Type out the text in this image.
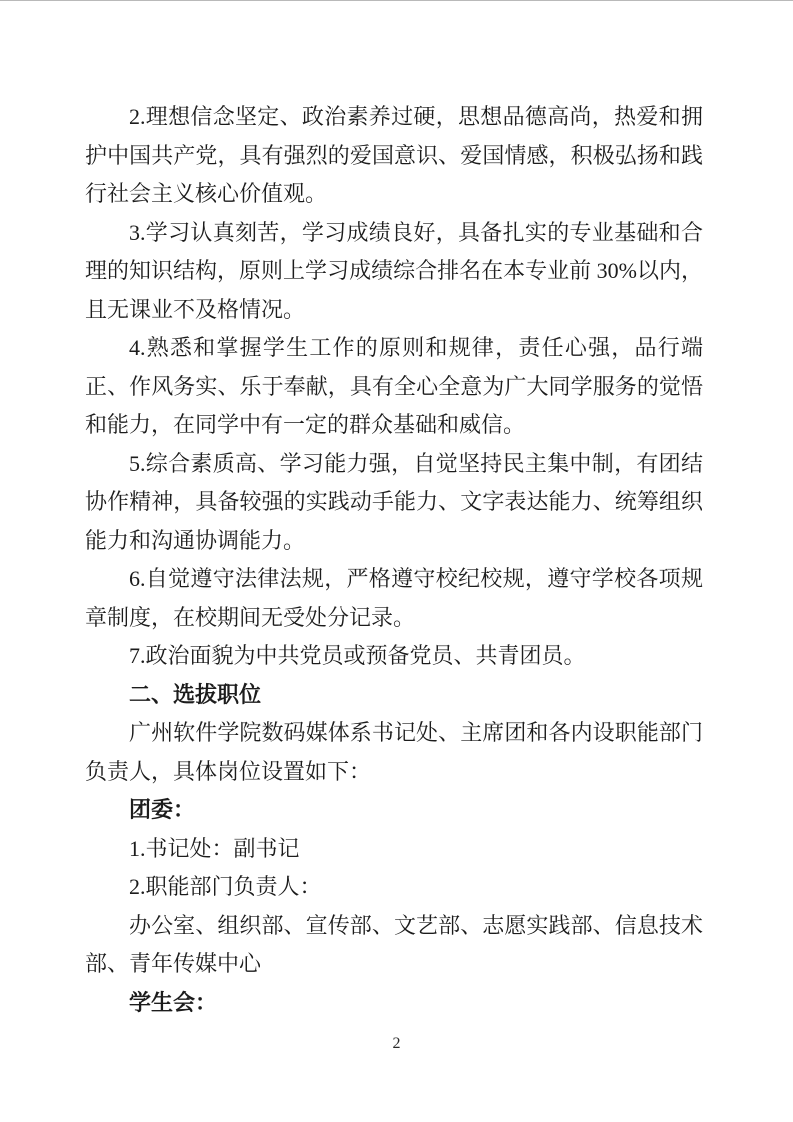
2.理想信念坚定、政治素养过硬，思想品德高尚，热爱和拥护中国共产党，具有强烈的爱国意识、爱国情感，积极弘扬和践行社会主义核心价值观。

3.学习认真刻苦，学习成绩良好，具备扎实的专业基础和合理的知识结构，原则上学习成绩综合排名在本专业前 30%以内，且无课业不及格情况。

4.熟悉和掌握学生工作的原则和规律，责任心强，品行端正、作风务实、乐于奉献，具有全心全意为广大同学服务的觉悟和能力，在同学中有一定的群众基础和威信。

5.综合素质高、学习能力强，自觉坚持民主集中制，有团结协作精神，具备较强的实践动手能力、文字表达能力、统筹组织能力和沟通协调能力。

6.自觉遵守法律法规，严格遵守校纪校规，遵守学校各项规章制度，在校期间无受处分记录。

7.政治面貌为中共党员或预备党员、共青团员。

二、选拔职位

广州软件学院数码媒体系书记处、主席团和各内设职能部门负责人，具体岗位设置如下：

团委：

1.书记处：副书记

2.职能部门负责人：

办公室、组织部、宣传部、文艺部、志愿实践部、信息技术部、青年传媒中心

学生会：

2
